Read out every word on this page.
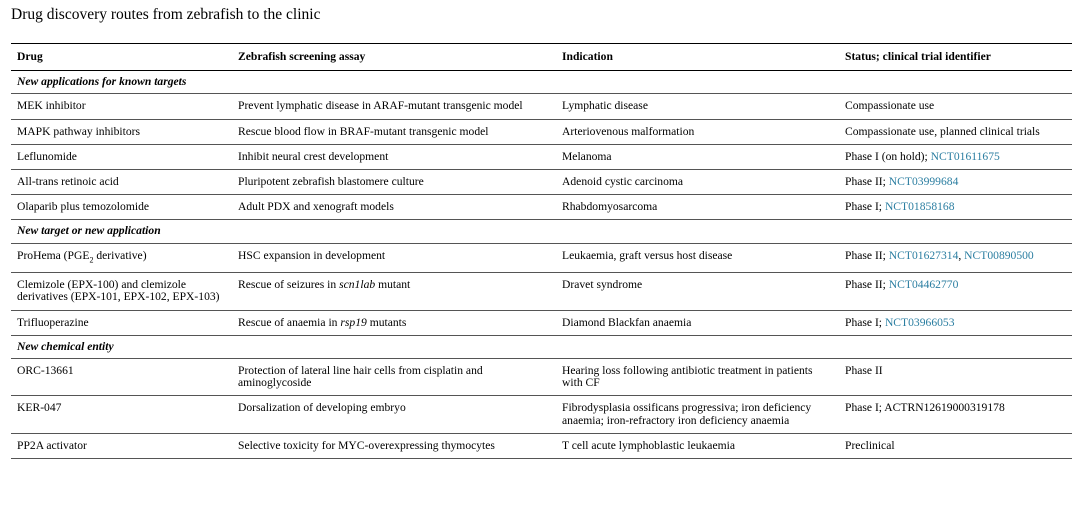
Drug discovery routes from zebrafish to the clinic
Drug	Zebrafish screening assay	Indication	Status; clinical trial identifier
New applications for known targets			
MEK inhibitor	Prevent lymphatic disease in ARAF-mutant transgenic model	Lymphatic disease	Compassionate use
MAPK pathway inhibitors	Rescue blood flow in BRAF-mutant transgenic model	Arteriovenous malformation	Compassionate use, planned clinical trials
Leflunomide	Inhibit neural crest development	Melanoma	Phase I (on hold); NCT01611675
All-trans retinoic acid	Pluripotent zebrafish blastomere culture	Adenoid cystic carcinoma	Phase II; NCT03999684
Olaparib plus temozolomide	Adult PDX and xenograft models	Rhabdomyosarcoma	Phase I; NCT01858168
New target or new application			
ProHema ($PGE_2$ derivative)	HSC expansion in development	Leukaemia, graft versus host disease	Phase II; NCT01627314, NCT00890500
Clemizole (EPX-100) and clemizole derivatives (EPX-101, EPX-102, EPX-103)	Rescue of seizures in scn1lab mutant	Dravet syndrome	Phase II; NCT04462770
Trifluoperazine	Rescue of anaemia in rsp19 mutants	Diamond Blackfan anaemia	Phase I; NCT03966053
New chemical entity			
ORC-13661	Protection of lateral line hair cells from cisplatin and aminoglycoside	Hearing loss following antibiotic treatment in patients with CF	Phase II
KER-047	Dorsalization of developing embryo	Fibrodysplasia ossificans progressiva; iron deficiency anaemia; iron-refractory iron deficiency anaemia	Phase I; ACTRN12619000319178
PP2A activator	Selective toxicity for MYC-overexpressing thymocytes	T cell acute lymphoblastic leukaemia	Preclinical
